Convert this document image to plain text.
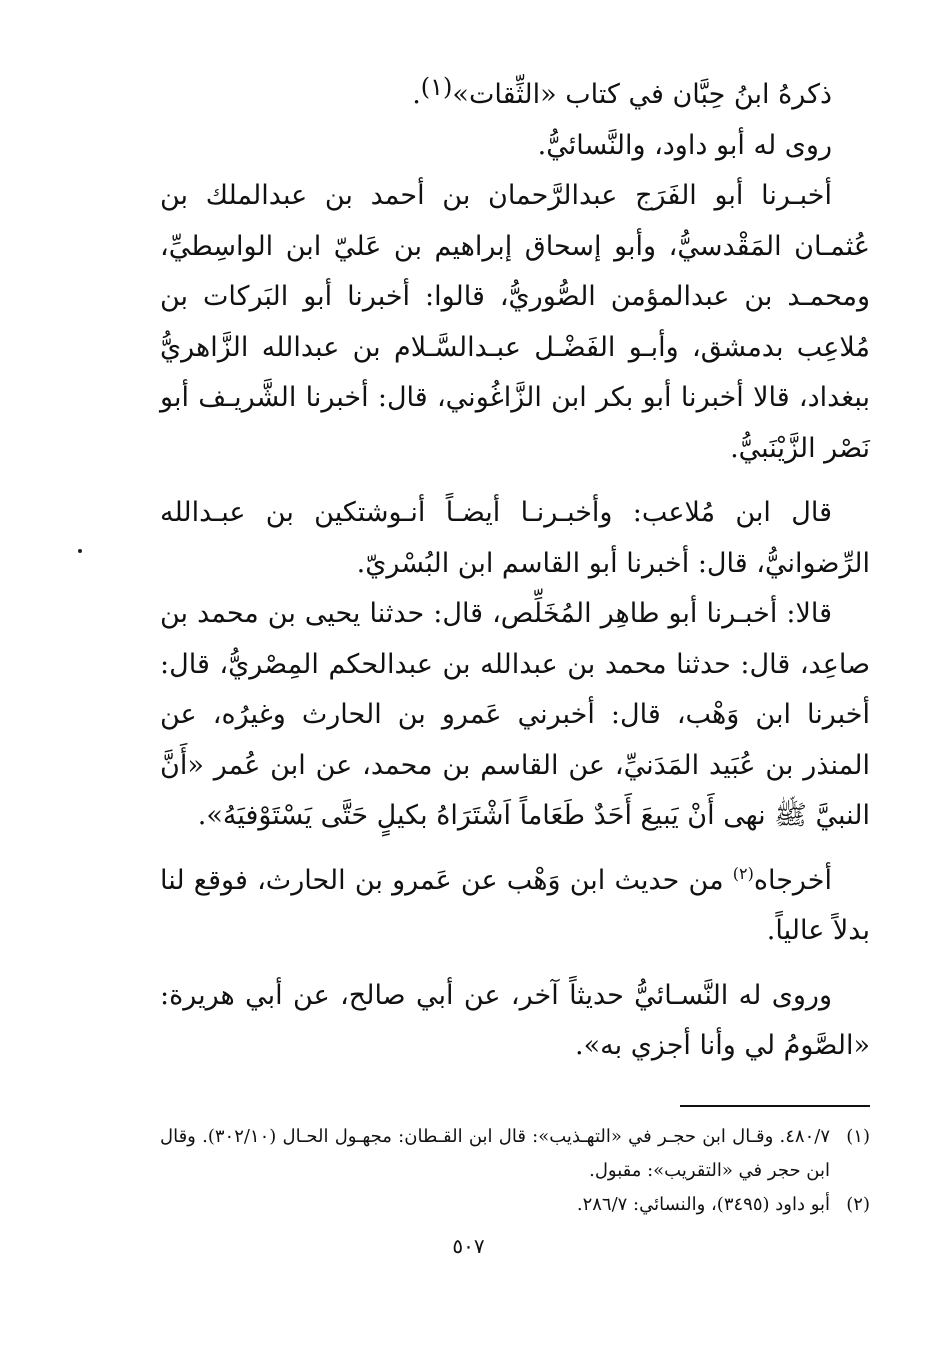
ذكرهُ ابنُ حِبَّان في كتاب «الثِّقات»(١).

روى له أبو داود، والنَّسائيُّ.

أخبـرنا أبو الفَرَج عبدالرَّحمان بن أحمد بن عبدالملك بن عُثمـان المَقْدسيُّ، وأبو إسحاق إبراهيم بن عَليّ ابن الواسِطيِّ، ومحمـد بن عبدالمؤمن الصُّوريُّ، قالوا: أخبرنا أبو البَركات بن مُلاعِب بدمشق، وأبـو الفَضْـل عبـدالسَّـلام بن عبدالله الزَّاهريُّ ببغداد، قالا أخبرنا أبو بكر ابن الزَّاغُوني، قال: أخبرنا الشَّريـف أبو نَصْر الزَّيْنَبيُّ.

قال ابن مُلاعب: وأخبـرنـا أيضـاً أنـوشتكين بن عبـدالله الرِّضوانيُّ، قال: أخبرنا أبو القاسم ابن البُسْريّ.

قالا: أخبـرنا أبو طاهِر المُخَلِّص، قال: حدثنا يحيى بن محمد بن صاعِد، قال: حدثنا محمد بن عبدالله بن عبدالحكم المِصْريُّ، قال: أخبرنا ابن وَهْب، قال: أخبرني عَمرو بن الحارث وغيرُه، عن المنذر بن عُبَيد المَدَنيِّ، عن القاسم بن محمد، عن ابن عُمر «أَنَّ النبيَّ ﷺ نهى أَنْ يَبيعَ أَحَدٌ طَعَاماً اَشْتَرَاهُ بكيلٍ حَتَّى يَسْتَوْفيَهُ».

أخرجاه$^{(٢)}$ من حديث ابن وَهْب عن عَمرو بن الحارث، فوقع لنا بدلاً عالياً.

وروى له النَّسـائيُّ حديثاً آخر، عن أبي صالح، عن أبي هريرة: «الصَّومُ لي وأنا أجزي به».

(١)
٤٨٠/٧. وقـال ابن حجـر في «التهـذيب»: قال ابن القـطان: مجهـول الحـال (٣٠٢/١٠). وقال ابن حجر في «التقريب»: مقبول.
(٢)
أبو داود (٣٤٩٥)، والنسائي: ٢٨٦/٧.
٥٠٧
